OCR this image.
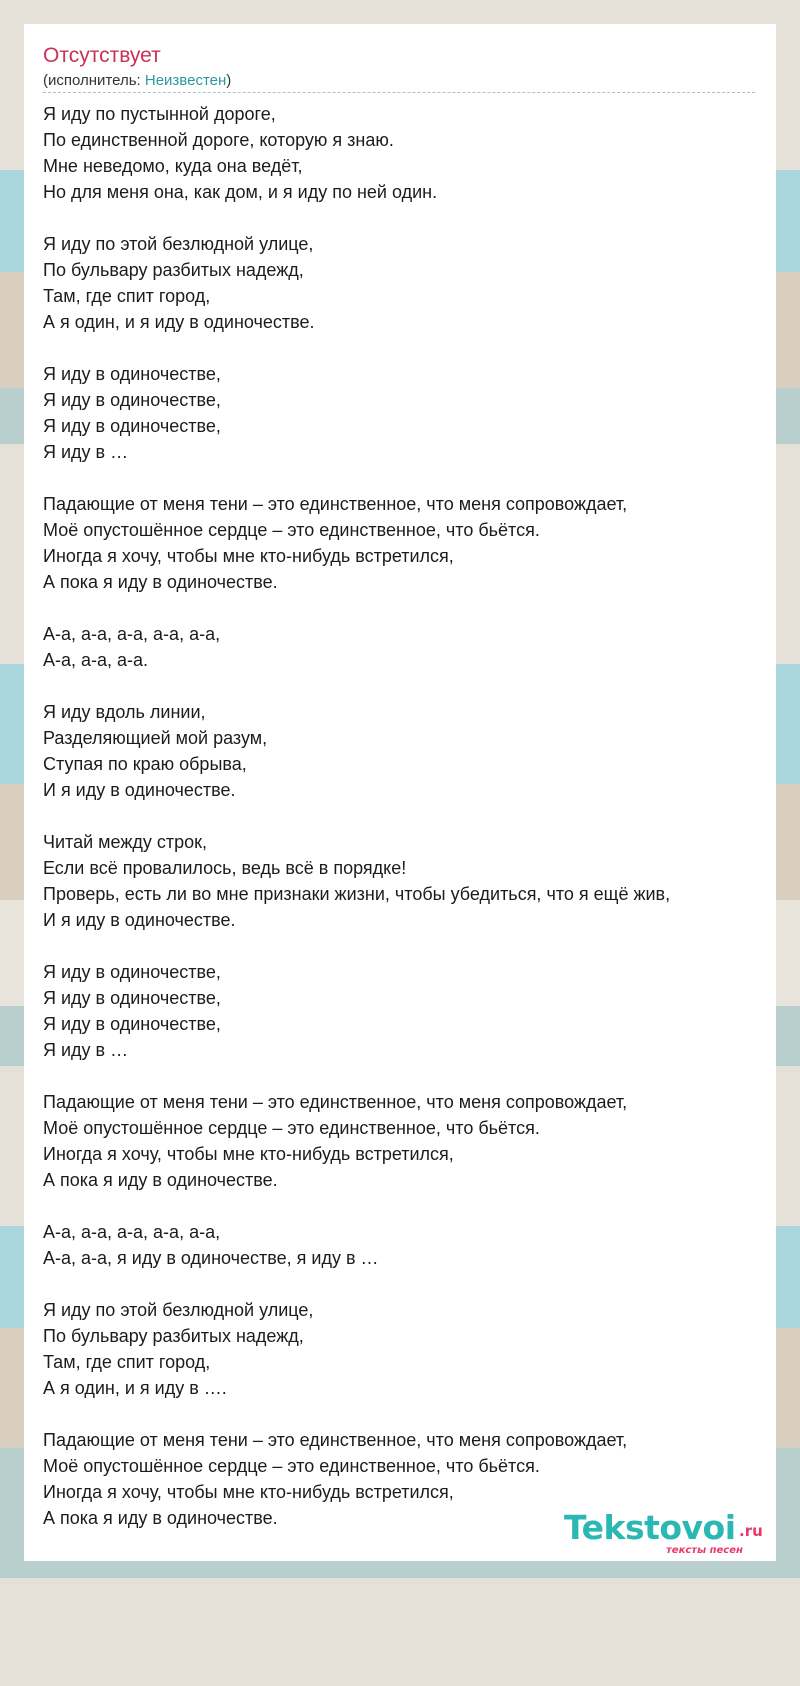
Отсутствует
(исполнитель: Неизвестен)
Я иду по пустынной дороге,
По единственной дороге, которую я знаю.
Мне неведомо, куда она ведёт,
Но для меня она, как дом, и я иду по ней один.
Я иду по этой безлюдной улице,
По бульвару разбитых надежд,
Там, где спит город,
А я один, и я иду в одиночестве.
Я иду в одиночестве,
Я иду в одиночестве,
Я иду в одиночестве,
Я иду в …
Падающие от меня тени – это единственное, что меня сопровождает,
Моё опустошённое сердце – это единственное, что бьётся.
Иногда я хочу, чтобы мне кто-нибудь встретился,
А пока я иду в одиночестве.
А-а, а-а, а-а, а-а, а-а,
А-а, а-а, а-а.
Я иду вдоль линии,
Разделяющией мой разум,
Ступая по краю обрыва,
И я иду в одиночестве.
Читай между строк,
Если всё провалилось, ведь всё в порядке!
Проверь, есть ли во мне признаки жизни, чтобы убедиться, что я ещё жив,
И я иду в одиночестве.
Я иду в одиночестве,
Я иду в одиночестве,
Я иду в одиночестве,
Я иду в …
Падающие от меня тени – это единственное, что меня сопровождает,
Моё опустошённое сердце – это единственное, что бьётся.
Иногда я хочу, чтобы мне кто-нибудь встретился,
А пока я иду в одиночестве.
А-а, а-а, а-а, а-а, а-а,
А-а, а-а, я иду в одиночестве, я иду в …
Я иду по этой безлюдной улице,
По бульвару разбитых надежд,
Там, где спит город,
А я один, и я иду в ….
Падающие от меня тени – это единственное, что меня сопровождает,
Моё опустошённое сердце – это единственное, что бьётся.
Иногда я хочу, чтобы мне кто-нибудь встретился,
А пока я иду в одиночестве.	Tekstovoi .ru
тексты песен
